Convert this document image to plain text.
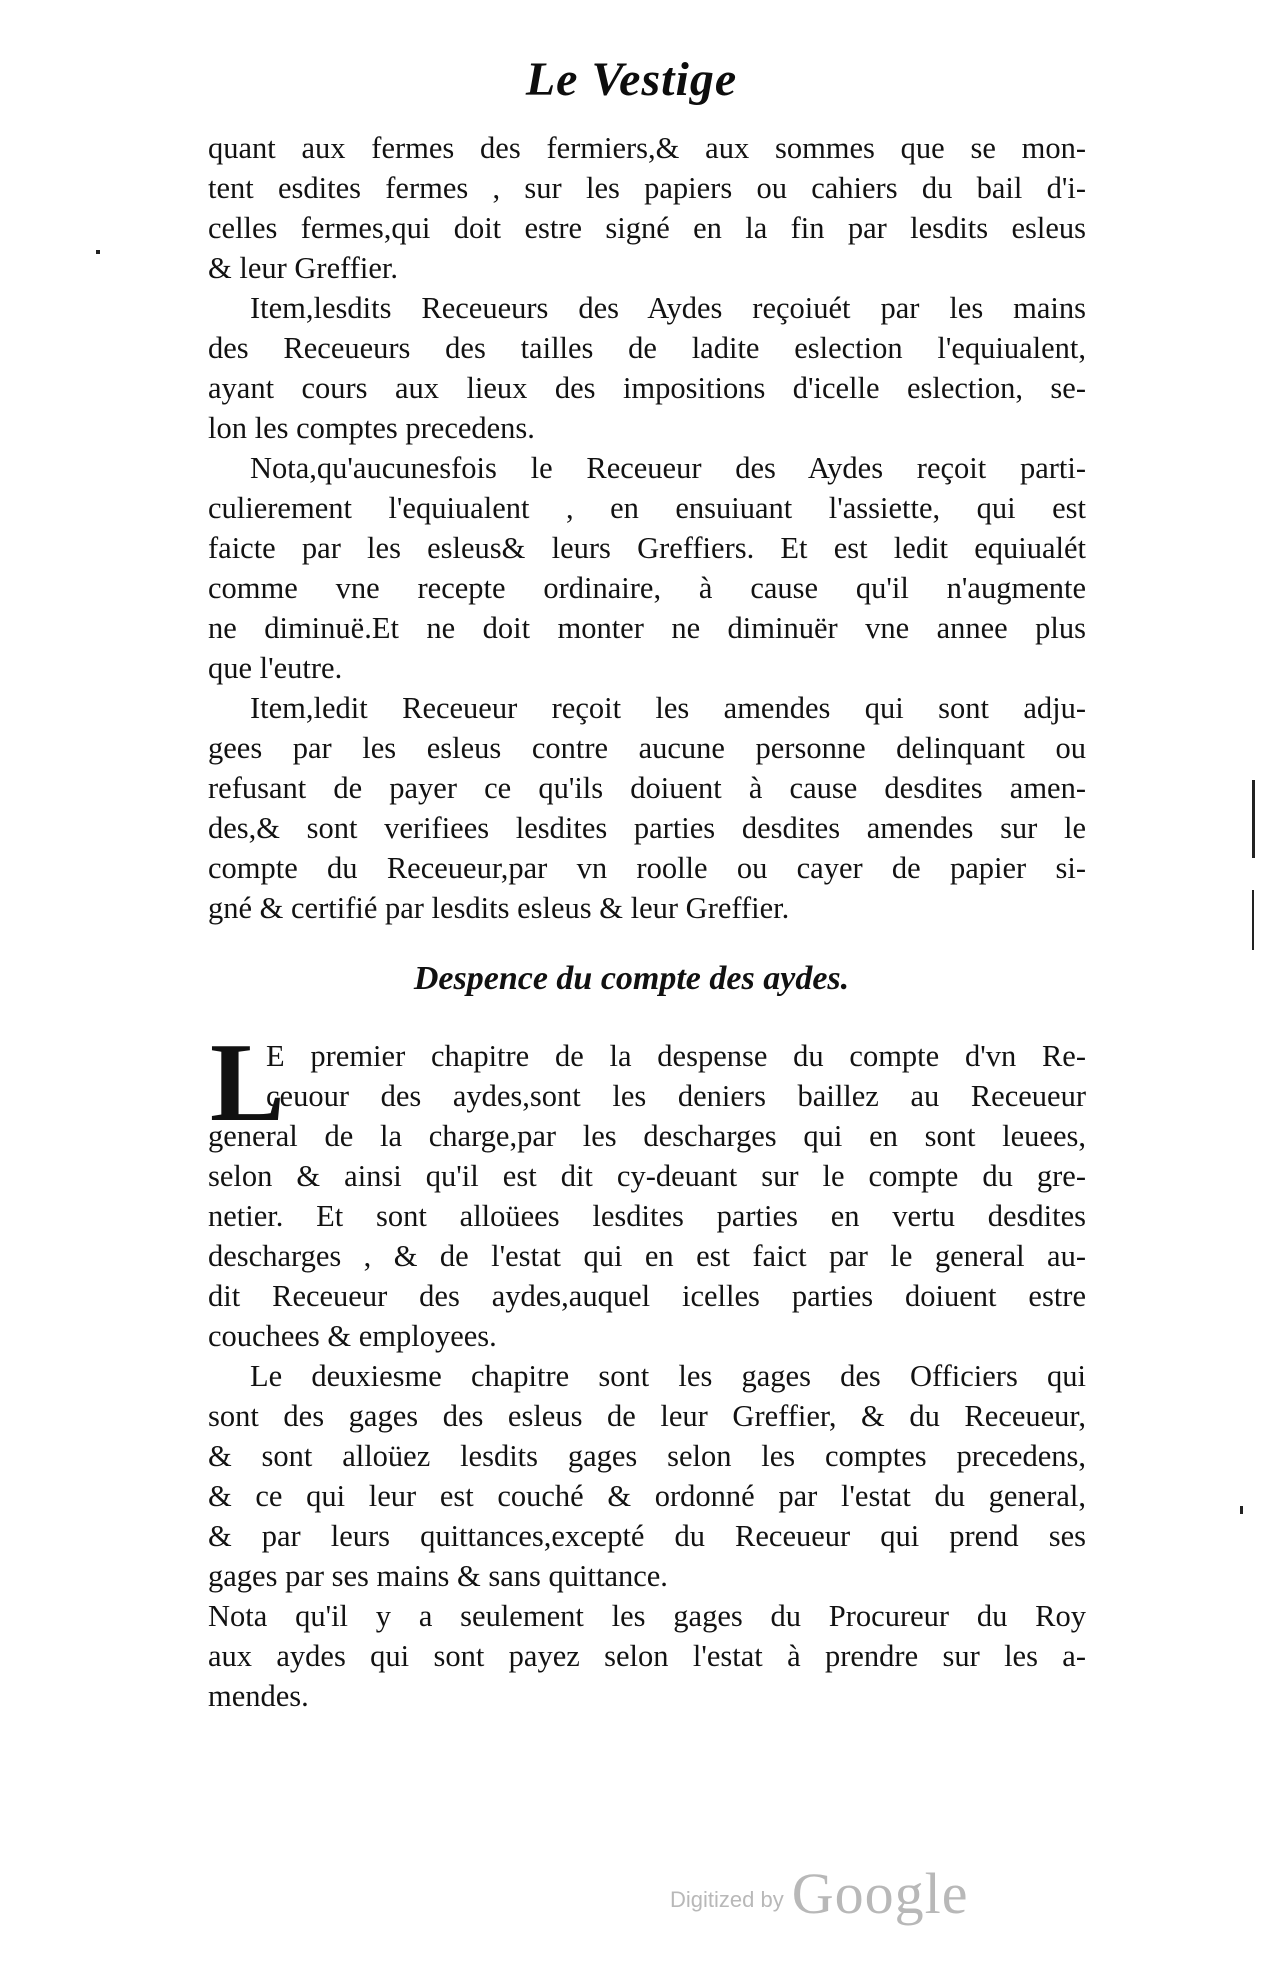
Le Vestige
quant aux fermes des fermiers,& aux sommes que se mon-
tent esdites fermes , sur les papiers ou cahiers du bail d'i-
celles fermes,qui doit estre signé en la fin par lesdits esleus
& leur Greffier.
Item,lesdits Receueurs des Aydes reçoiuét par les mains
des Receueurs des tailles de ladite eslection l'equiualent,
ayant cours aux lieux des impositions d'icelle eslection, se-
lon les comptes precedens.
Nota,qu'aucunesfois le Receueur des Aydes reçoit parti-
culierement l'equiualent , en ensuiuant l'assiette, qui est
faicte par les esleus& leurs Greffiers. Et est ledit equiualét
comme vne recepte ordinaire, à cause qu'il n'augmente
ne diminuë.Et ne doit monter ne diminuër vne annee plus
que l'eutre.
Item,ledit Receueur reçoit les amendes qui sont adju-
gees par les esleus contre aucune personne delinquant ou
refusant de payer ce qu'ils doiuent à cause desdites amen-
des,& sont verifiees lesdites parties desdites amendes sur le
compte du Receueur,par vn roolle ou cayer de papier si-
gné & certifié par lesdits esleus & leur Greffier.
Despence du compte des aydes.
L
E premier chapitre de la despense du compte d'vn Re-
ceuour des aydes,sont les deniers baillez au Receueur
general de la charge,par les descharges qui en sont leuees,
selon & ainsi qu'il est dit cy-deuant sur le compte du gre-
netier. Et sont alloüees lesdites parties en vertu desdites
descharges , & de l'estat qui en est faict par le general au-
dit Receueur des aydes,auquel icelles parties doiuent estre
couchees & employees.
Le deuxiesme chapitre sont les gages des Officiers qui
sont des gages des esleus de leur Greffier, & du Receueur,
& sont alloüez lesdits gages selon les comptes precedens,
& ce qui leur est couché & ordonné par l'estat du general,
& par leurs quittances,excepté du Receueur qui prend ses
gages par ses mains & sans quittance.
Nota qu'il y a seulement les gages du Procureur du Roy
aux aydes qui sont payez selon l'estat à prendre sur les a-
mendes.
Digitized by Google
